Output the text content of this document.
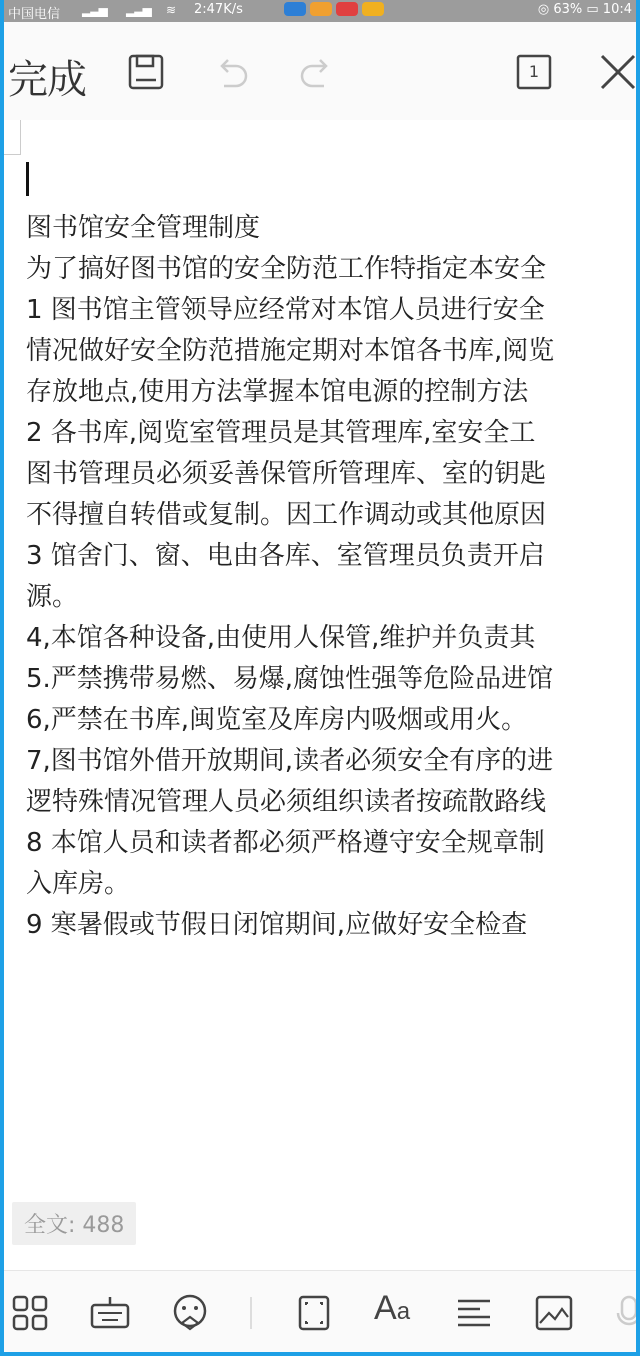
中国电信 ▂▃▅ ▂▃▅ ≋ 2:47K/s	◎ 63% ▭ 10:4
完成	1
图书馆安全管理制度
为了搞好图书馆的安全防范工作特指定本安全
1 图书馆主管领导应经常对本馆人员进行安全
情况做好安全防范措施定期对本馆各书库,阅览
存放地点,使用方法掌握本馆电源的控制方法
2 各书库,阅览室管理员是其管理库,室安全工
图书管理员必须妥善保管所管理库、室的钥匙
不得擅自转借或复制。因工作调动或其他原因
3 馆舍门、窗、电由各库、室管理员负责开启
源。
4,本馆各种设备,由使用人保管,维护并负责其
5.严禁携带易燃、易爆,腐蚀性强等危险品进馆
6,严禁在书库,闽览室及库房内吸烟或用火。
7,图书馆外借开放期间,读者必须安全有序的进
逻特殊情况管理人员必须组织读者按疏散路线
8 本馆人员和读者都必须严格遵守安全规章制
入库房。
9 寒暑假或节假日闭馆期间,应做好安全检查
全文: 488
Aa
